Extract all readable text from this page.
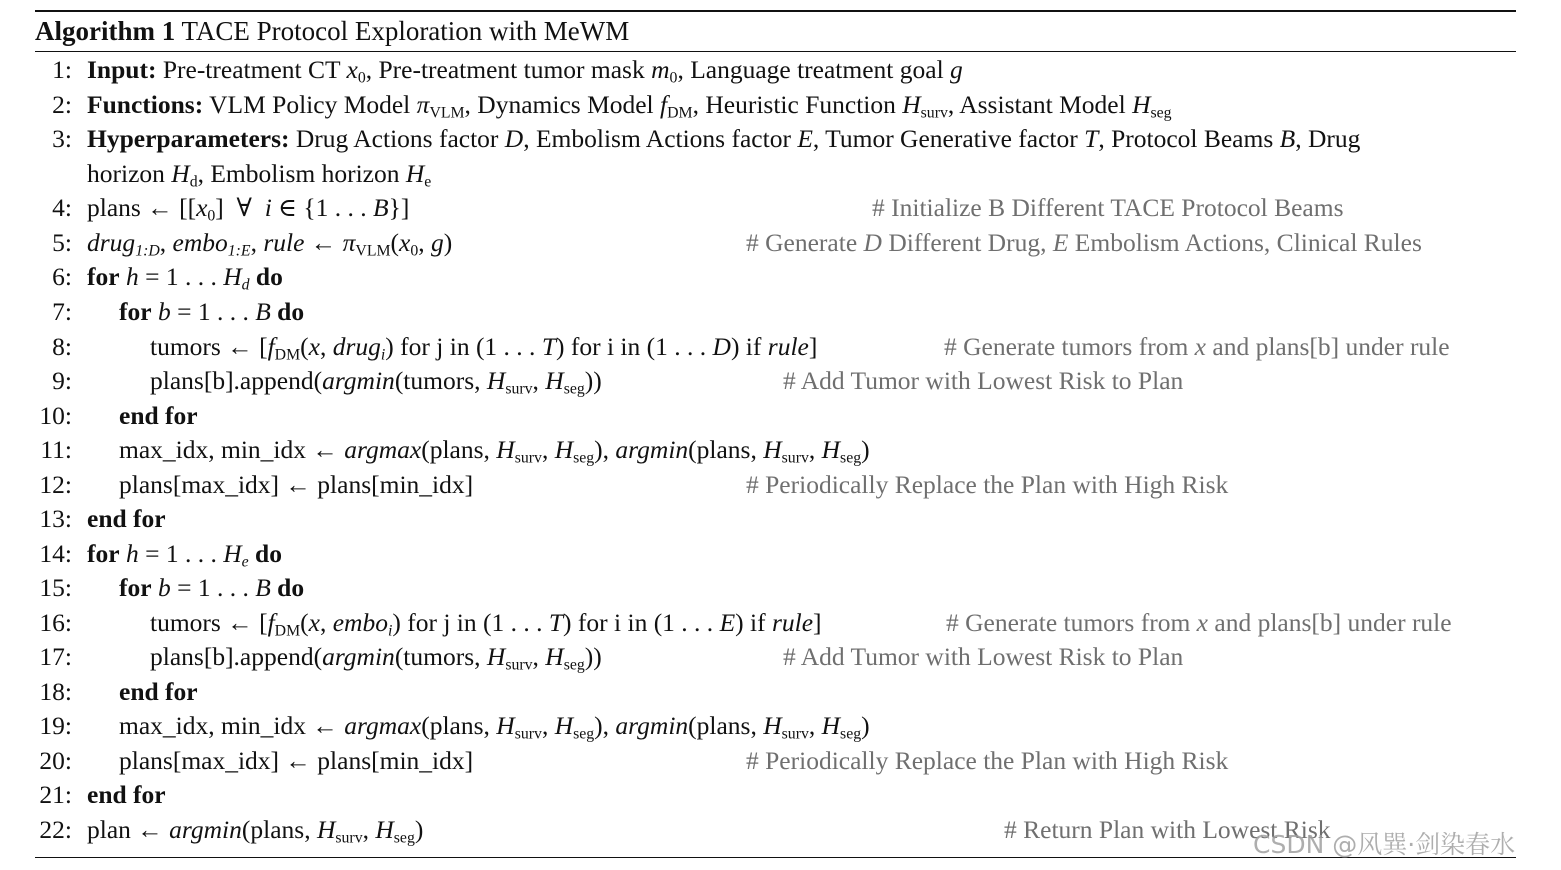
Algorithm 1 TACE Protocol Exploration with MeWM
1: Input: Pre-treatment CT $x_0$, Pre-treatment tumor mask $m_0$, Language treatment goal g
2: Functions: VLM Policy Model $\pi_{VLM}$, Dynamics Model $f_{DM}$, Heuristic Function $H_{surv}$, Assistant Model $H_{seg}$
3: Hyperparameters: Drug Actions factor D, Embolism Actions factor E, Tumor Generative factor T, Protocol Beams B, Drug
horizon $H_d$, Embolism horizon $H_e$
4: plans ← [$[x_0]$  ∀  i ∈ {1 . . . B}]	# Initialize B Different TACE Protocol Beams
5: drug$_{1:D}$, embo$_{1:E}$, rule ← $\pi_{VLM}(x_0$, g)	# Generate D Different Drug, E Embolism Actions, Clinical Rules
6: for h = 1 . . . $H_d$ do
7: for b = 1 . . . B do
8:	tumors ← [$f_{DM}(x$, drug$_i$) for j in (1 . . . T) for i in (1 . . . D) if rule]	# Generate tumors from x and plans[b] under rule
9:	plans[b].append(argmin(tumors, $H_{surv}$, $H_{seg}$))	# Add Tumor with Lowest Risk to Plan
10: end for
11: max_idx, min_idx ← argmax(plans, $H_{surv}$, $H_{seg}$), argmin(plans, $H_{surv}$, $H_{seg}$)
12: plans[max_idx] ← plans[min_idx]	# Periodically Replace the Plan with High Risk
13: end for
14: for h = 1 . . . $H_e$ do
15: for b = 1 . . . B do
16:	tumors ← [$f_{DM}(x$, embo$_i$) for j in (1 . . . T) for i in (1 . . . E) if rule]	# Generate tumors from x and plans[b] under rule
17:	plans[b].append(argmin(tumors, $H_{surv}$, $H_{seg}$))	# Add Tumor with Lowest Risk to Plan
18: end for
19: max_idx, min_idx ← argmax(plans, $H_{surv}$, $H_{seg}$), argmin(plans, $H_{surv}$, $H_{seg}$)
20: plans[max_idx] ← plans[min_idx]	# Periodically Replace the Plan with High Risk
21: end for
22: plan ← argmin(plans, $H_{surv}$, $H_{seg}$)	# Return Plan with Lowest Risk
CSDN @风巽·剑染春水
